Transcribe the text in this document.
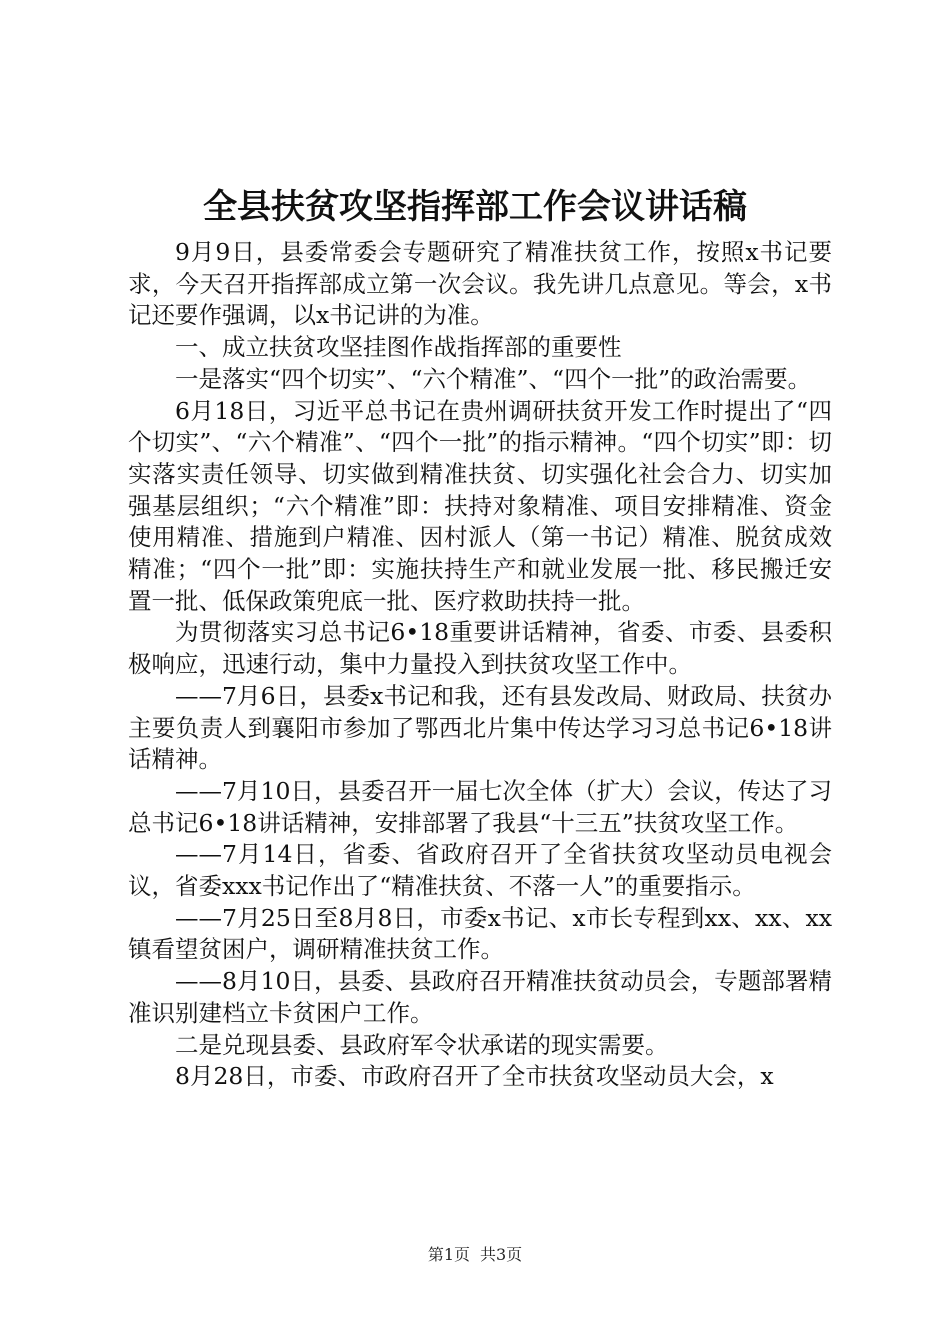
全县扶贫攻坚指挥部工作会议讲话稿

9月9日，县委常委会专题研究了精准扶贫工作，按照x书记要求，今天召开指挥部成立第一次会议。我先讲几点意见。等会，x书记还要作强调，以x书记讲的为准。

一、成立扶贫攻坚挂图作战指挥部的重要性

一是落实“四个切实”、“六个精准”、“四个一批”的政治需要。

6月18日，习近平总书记在贵州调研扶贫开发工作时提出了“四个切实”、“六个精准”、“四个一批”的指示精神。“四个切实”即：切实落实责任领导、切实做到精准扶贫、切实强化社会合力、切实加强基层组织；“六个精准”即：扶持对象精准、项目安排精准、资金使用精准、措施到户精准、因村派人（第一书记）精准、脱贫成效精准；“四个一批”即：实施扶持生产和就业发展一批、移民搬迁安置一批、低保政策兜底一批、医疗救助扶持一批。

为贯彻落实习总书记6•18重要讲话精神，省委、市委、县委积极响应，迅速行动，集中力量投入到扶贫攻坚工作中。

——7月6日，县委x书记和我，还有县发改局、财政局、扶贫办主要负责人到襄阳市参加了鄂西北片集中传达学习习总书记6•18讲话精神。

——7月10日，县委召开一届七次全体（扩大）会议，传达了习总书记6•18讲话精神，安排部署了我县“十三五”扶贫攻坚工作。

——7月14日，省委、省政府召开了全省扶贫攻坚动员电视会议，省委xxx书记作出了“精准扶贫、不落一人”的重要指示。

——7月25日至8月8日，市委x书记、x市长专程到xx、xx、xx镇看望贫困户，调研精准扶贫工作。

——8月10日，县委、县政府召开精准扶贫动员会，专题部署精准识别建档立卡贫困户工作。

二是兑现县委、县政府军令状承诺的现实需要。

8月28日，市委、市政府召开了全市扶贫攻坚动员大会，x

第1页 共3页
